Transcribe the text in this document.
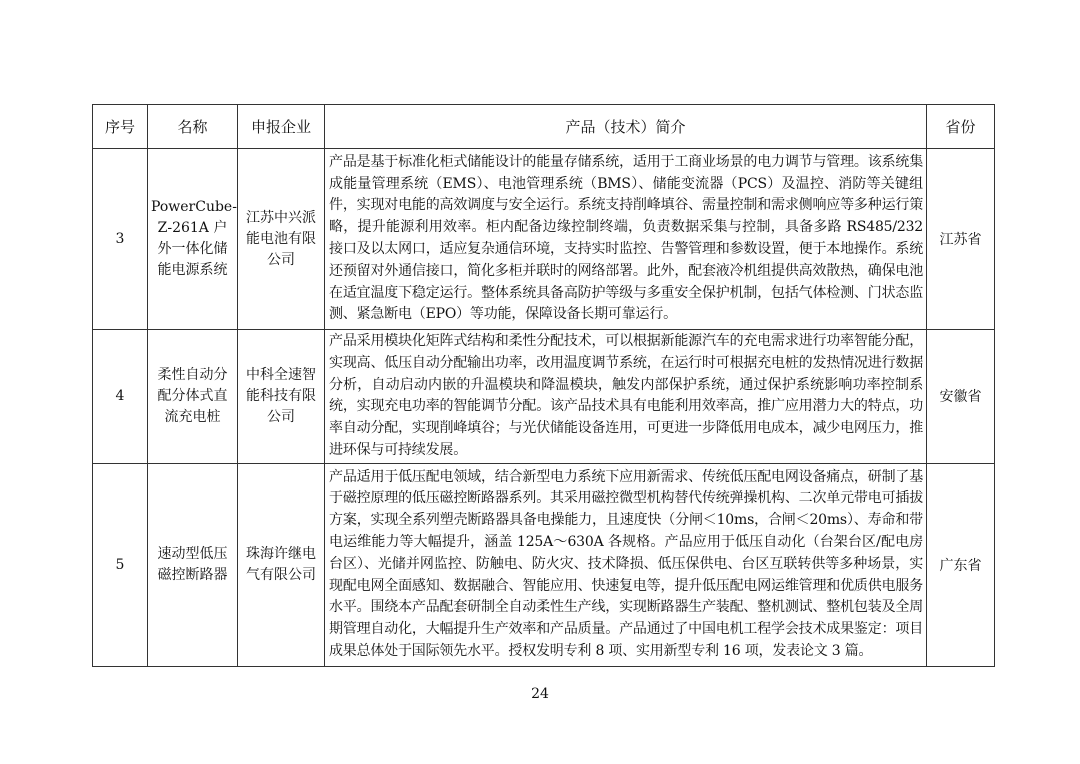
序号	名称	申报企业	产品（技术）简介	省份
3	PowerCube-Z-261A 户外一体化储能电源系统	江苏中兴派能电池有限公司	产品是基于标准化柜式储能设计的能量存储系统，适用于工商业场景的电力调节与管理。该系统集成能量管理系统（EMS）、电池管理系统（BMS）、储能变流器（PCS）及温控、消防等关键组件，实现对电能的高效调度与安全运行。系统支持削峰填谷、需量控制和需求侧响应等多种运行策略，提升能源利用效率。柜内配备边缘控制终端，负责数据采集与控制，具备多路 RS485/232 接口及以太网口，适应复杂通信环境，支持实时监控、告警管理和参数设置，便于本地操作。系统还预留对外通信接口，简化多柜并联时的网络部署。此外，配套液冷机组提供高效散热，确保电池在适宜温度下稳定运行。整体系统具备高防护等级与多重安全保护机制，包括气体检测、门状态监测、紧急断电（EPO）等功能，保障设备长期可靠运行。	江苏省
4	柔性自动分配分体式直流充电桩	中科全速智能科技有限公司	产品采用模块化矩阵式结构和柔性分配技术，可以根据新能源汽车的充电需求进行功率智能分配，实现高、低压自动分配输出功率，改用温度调节系统，在运行时可根据充电桩的发热情况进行数据分析，自动启动内嵌的升温模块和降温模块，触发内部保护系统，通过保护系统影响功率控制系统，实现充电功率的智能调节分配。该产品技术具有电能利用效率高，推广应用潜力大的特点，功率自动分配，实现削峰填谷；与光伏储能设备连用，可更进一步降低用电成本，减少电网压力，推进环保与可持续发展。	安徽省
5	速动型低压磁控断路器	珠海许继电气有限公司	产品适用于低压配电领域，结合新型电力系统下应用新需求、传统低压配电网设备痛点，研制了基于磁控原理的低压磁控断路器系列。其采用磁控微型机构替代传统弹操机构、二次单元带电可插拔方案，实现全系列塑壳断路器具备电操能力，且速度快（分闸＜10ms，合闸＜20ms）、寿命和带电运维能力等大幅提升，涵盖 125A～630A 各规格。产品应用于低压自动化（台架台区/配电房台区）、光储并网监控、防触电、防火灾、技术降损、低压保供电、台区互联转供等多种场景，实现配电网全面感知、数据融合、智能应用、快速复电等，提升低压配电网运维管理和优质供电服务水平。围绕本产品配套研制全自动柔性生产线，实现断路器生产装配、整机测试、整机包装及全周期管理自动化，大幅提升生产效率和产品质量。产品通过了中国电机工程学会技术成果鉴定：项目成果总体处于国际领先水平。授权发明专利 8 项、实用新型专利 16 项，发表论文 3 篇。	广东省
24
